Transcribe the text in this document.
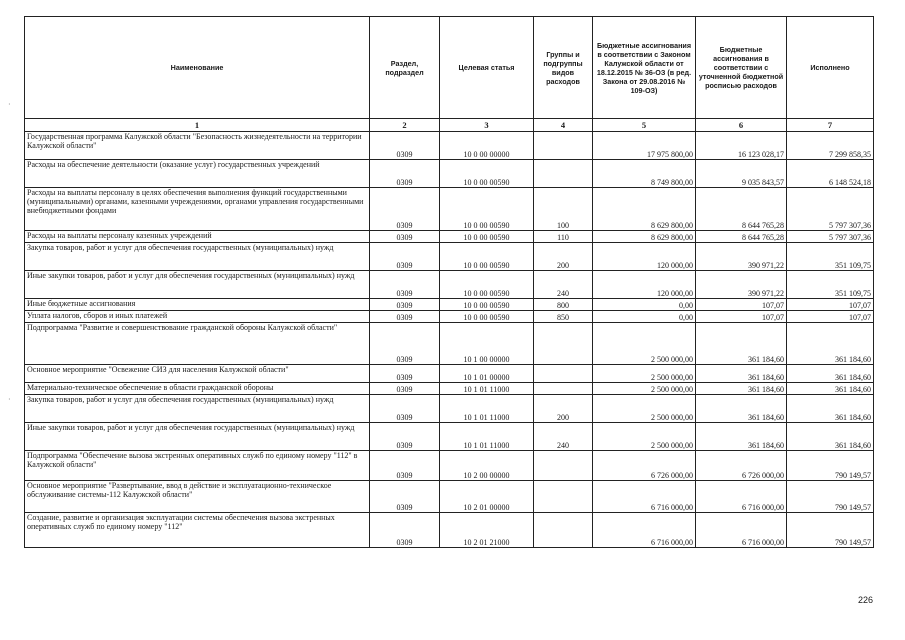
Наименование	Раздел, подраздел	Целевая статья	Группы и подгруппы видов расходов	Бюджетные ассигнования в соответствии с Законом Калужской области от 18.12.2015 № 36-ОЗ (в ред. Закона от 29.08.2016 № 109-ОЗ)	Бюджетные ассигнования в соответствии с уточненной бюджетной росписью расходов	Исполнено
1	2	3	4	5	6	7
Государственная программа Калужской области "Безопасность жизнедеятельности на территории Калужской области"	0309	10 0 00 00000		17 975 800,00	16 123 028,17	7 299 858,35
Расходы на обеспечение деятельности (оказание услуг) государственных учреждений	0309	10 0 00 00590		8 749 800,00	9 035 843,57	6 148 524,18
Расходы на выплаты персоналу в целях обеспечения выполнения функций государственными (муниципальными) органами, казенными учреждениями, органами управления государственными внебюджетными фондами	0309	10 0 00 00590	100	8 629 800,00	8 644 765,28	5 797 307,36
Расходы на выплаты персоналу казенных учреждений	0309	10 0 00 00590	110	8 629 800,00	8 644 765,28	5 797 307,36
Закупка товаров, работ и услуг для обеспечения государственных (муниципальных) нужд	0309	10 0 00 00590	200	120 000,00	390 971,22	351 109,75
Иные закупки товаров, работ и услуг для обеспечения государственных (муниципальных) нужд	0309	10 0 00 00590	240	120 000,00	390 971,22	351 109,75
Иные бюджетные ассигнования	0309	10 0 00 00590	800	0,00	107,07	107,07
Уплата налогов, сборов и иных платежей	0309	10 0 00 00590	850	0,00	107,07	107,07
Подпрограмма "Развитие и совершенствование гражданской обороны Калужской области"	0309	10 1 00 00000		2 500 000,00	361 184,60	361 184,60
Основное мероприятие "Освежение СИЗ для населения Калужской области"	0309	10 1 01 00000		2 500 000,00	361 184,60	361 184,60
Материально-техническое обеспечение в области гражданской обороны	0309	10 1 01 11000		2 500 000,00	361 184,60	361 184,60
Закупка товаров, работ и услуг для обеспечения государственных (муниципальных) нужд	0309	10 1 01 11000	200	2 500 000,00	361 184,60	361 184,60
Иные закупки товаров, работ и услуг для обеспечения государственных (муниципальных) нужд	0309	10 1 01 11000	240	2 500 000,00	361 184,60	361 184,60
Подпрограмма "Обеспечение вызова экстренных оперативных служб по единому номеру "112" в Калужской области"	0309	10 2 00 00000		6 726 000,00	6 726 000,00	790 149,57
Основное мероприятие "Развертывание, ввод в действие и эксплуатационно-техническое обслуживание системы-112 Калужской области"	0309	10 2 01 00000		6 716 000,00	6 716 000,00	790 149,57
Создание, развитие и организация эксплуатации системы обеспечения вызова экстренных оперативных служб по единому номеру "112"	0309	10 2 01 21000		6 716 000,00	6 716 000,00	790 149,57
226
·
·
